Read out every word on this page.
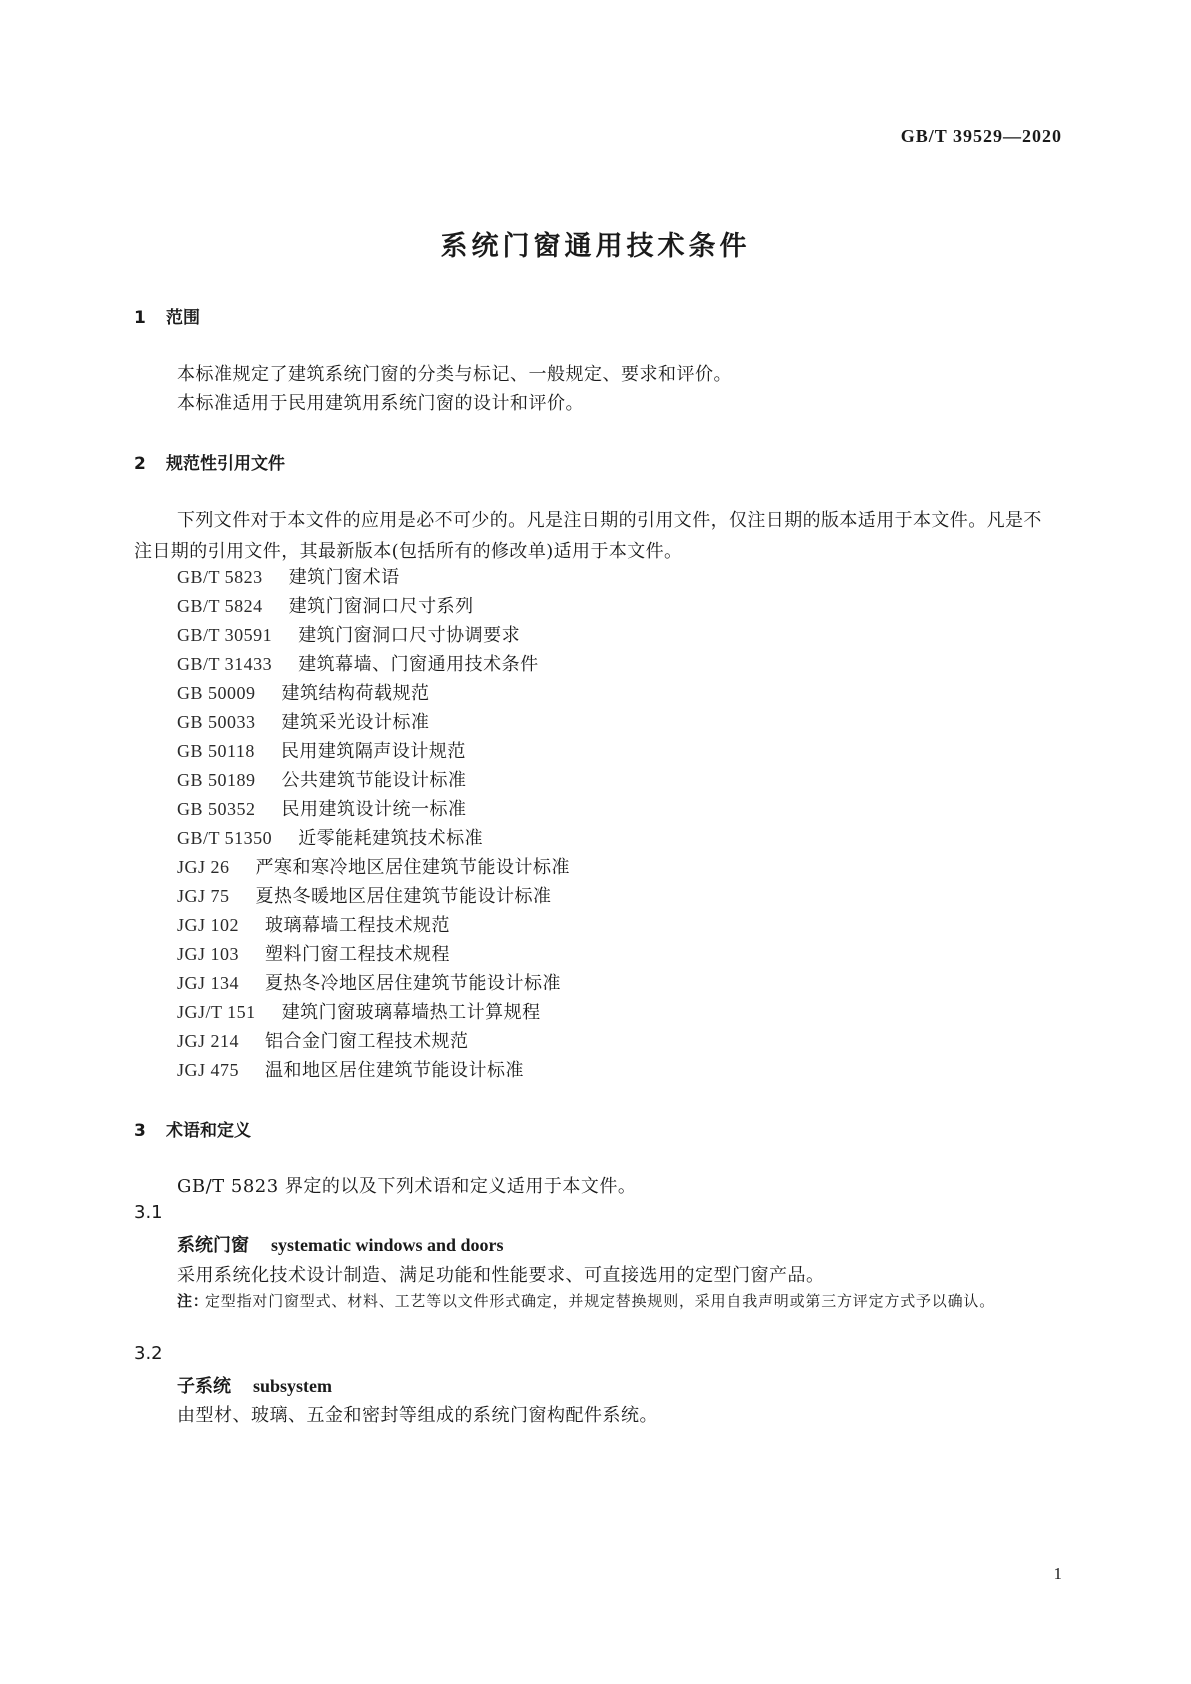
GB/T 39529—2020
系统门窗通用技术条件
1 范围
本标准规定了建筑系统门窗的分类与标记、一般规定、要求和评价。
本标准适用于民用建筑用系统门窗的设计和评价。
2 规范性引用文件
下列文件对于本文件的应用是必不可少的。凡是注日期的引用文件，仅注日期的版本适用于本文件。凡是不注日期的引用文件，其最新版本(包括所有的修改单)适用于本文件。
GB/T 5823 建筑门窗术语
GB/T 5824 建筑门窗洞口尺寸系列
GB/T 30591 建筑门窗洞口尺寸协调要求
GB/T 31433 建筑幕墙、门窗通用技术条件
GB 50009 建筑结构荷载规范
GB 50033 建筑采光设计标准
GB 50118 民用建筑隔声设计规范
GB 50189 公共建筑节能设计标准
GB 50352 民用建筑设计统一标准
GB/T 51350 近零能耗建筑技术标准
JGJ 26 严寒和寒冷地区居住建筑节能设计标准
JGJ 75 夏热冬暖地区居住建筑节能设计标准
JGJ 102 玻璃幕墙工程技术规范
JGJ 103 塑料门窗工程技术规程
JGJ 134 夏热冬冷地区居住建筑节能设计标准
JGJ/T 151 建筑门窗玻璃幕墙热工计算规程
JGJ 214 铝合金门窗工程技术规范
JGJ 475 温和地区居住建筑节能设计标准
3 术语和定义
GB/T 5823 界定的以及下列术语和定义适用于本文件。
3.1
系统门窗 systematic windows and doors
采用系统化技术设计制造、满足功能和性能要求、可直接选用的定型门窗产品。
注：
定型指对门窗型式、材料、工艺等以文件形式确定，并规定替换规则，采用自我声明或第三方评定方式予以确认。
3.2
子系统 subsystem
由型材、玻璃、五金和密封等组成的系统门窗构配件系统。
1
